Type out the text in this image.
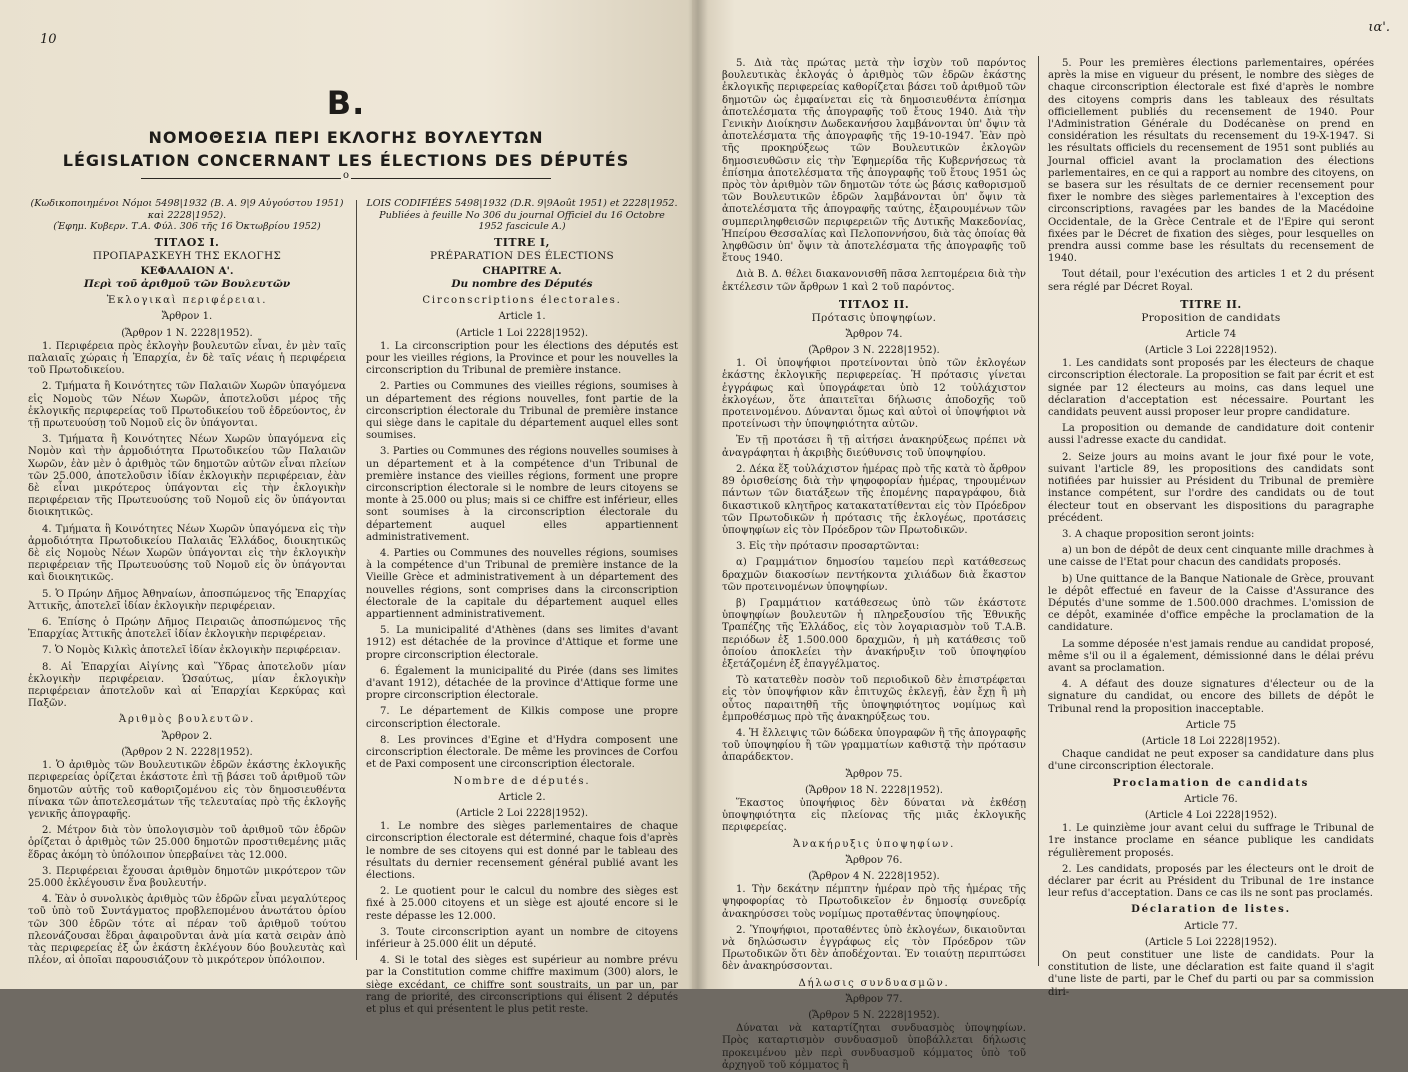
10
B.
ΝΟΜΟΘΕΣΙΑ ΠΕΡΙ ΕΚΛΟΓΗΣ ΒΟΥΛΕΥΤΩΝ
LÉGISLATION CONCERNANT LES ÉLECTIONS DES DÉPUTÉS
o
(Κωδικοποιημένοι Νόμοι 5498|1932 (Β. Α. 9|9 Αὐγούστου 1951) καὶ 2228|1952).
(Ἐφημ. Κυβερν. Τ.Α. Φύλ. 306 τῆς 16 Ὀκτωβρίου 1952)
ΤΙΤΛΟΣ Ι.
ΠΡΟΠΑΡΑΣΚΕΥΗ ΤΗΣ ΕΚΛΟΓΗΣ
ΚΕΦΑΛΑΙΟΝ Α'.
Περὶ τοῦ ἀριθμοῦ τῶν Βουλευτῶν
Ἐκλογικαὶ περιφέρειαι.
Ἄρθρον 1.
(Ἄρθρον 1 Ν. 2228|1952).

1. Περιφέρεια πρὸς ἐκλογὴν βουλευτῶν εἶναι, ἐν μὲν ταῖς παλαιαῖς χώραις ἡ Ἐπαρχία, ἐν δὲ ταῖς νέαις ἡ περιφέρεια τοῦ Πρωτοδικείου.

2. Τμήματα ἢ Κοινότητες τῶν Παλαιῶν Χωρῶν ὑπαγόμενα εἰς Νομοὺς τῶν Νέων Χωρῶν, ἀποτελοῦσι μέρος τῆς ἐκλογικῆς περιφερείας τοῦ Πρωτοδικείου τοῦ ἐδρεύοντος, ἐν τῇ πρωτευούσῃ τοῦ Νομοῦ εἰς ὃν ὑπάγονται.

3. Τμήματα ἢ Κοινότητες Νέων Χωρῶν ὑπαγόμενα εἰς Νομὸν καὶ τὴν ἁρμοδιότητα Πρωτοδικείου τῶν Παλαιῶν Χωρῶν, ἐὰν μὲν ὁ ἀριθμὸς τῶν δημοτῶν αὐτῶν εἶναι πλείων τῶν 25.000, ἀποτελοῦσιν ἰδίαν ἐκλογικὴν περιφέρειαν, ἐὰν δὲ εἶναι μικρότερος ὑπάγονται εἰς τὴν ἐκλογικὴν περιφέρειαν τῆς Πρωτευούσης τοῦ Νομοῦ εἰς ὃν ὑπάγονται διοικητικῶς.

4. Τμήματα ἢ Κοινότητες Νέων Χωρῶν ὑπαγόμενα εἰς τὴν ἁρμοδιότητα Πρωτοδικείου Παλαιᾶς Ἑλλάδος, διοικητικῶς δὲ εἰς Νομοὺς Νέων Χωρῶν ὑπάγονται εἰς τὴν ἐκλογικὴν περιφέρειαν τῆς Πρωτευούσης τοῦ Νομοῦ εἰς ὃν ὑπάγονται καὶ διοικητικῶς.

5. Ὁ Πρώην Δῆμος Ἀθηναίων, ἀποσπώμενος τῆς Ἐπαρχίας Ἀττικῆς, ἀποτελεῖ ἰδίαν ἐκλογικὴν περιφέρειαν.

6. Ἐπίσης ὁ Πρώην Δῆμος Πειραιῶς ἀποσπώμενος τῆς Ἐπαρχίας Ἀττικῆς ἀποτελεῖ ἰδίαν ἐκλογικὴν περιφέρειαν.

7. Ὁ Νομὸς Κιλκὶς ἀποτελεῖ ἰδίαν ἐκλογικὴν περιφέρειαν.

8. Αἱ Ἐπαρχίαι Αἰγίνης καὶ Ὕδρας ἀποτελοῦν μίαν ἐκλογικὴν περιφέρειαν. Ὡσαύτως, μίαν ἐκλογικὴν περιφέρειαν ἀποτελοῦν καὶ αἱ Ἐπαρχίαι Κερκύρας καὶ Παξῶν.

Ἀριθμὸς βουλευτῶν.
Ἄρθρον 2.
(Ἄρθρον 2 Ν. 2228|1952).

1. Ὁ ἀριθμὸς τῶν Βουλευτικῶν ἑδρῶν ἑκάστης ἐκλογικῆς περιφερείας ὁρίζεται ἑκάστοτε ἐπὶ τῇ βάσει τοῦ ἀριθμοῦ τῶν δημοτῶν αὐτῆς τοῦ καθοριζομένου εἰς τὸν δημοσιευθέντα πίνακα τῶν ἀποτελεσμάτων τῆς τελευταίας πρὸ τῆς ἐκλογῆς γενικῆς ἀπογραφῆς.

2. Μέτρον διὰ τὸν ὑπολογισμὸν τοῦ ἀριθμοῦ τῶν ἑδρῶν ὁρίζεται ὁ ἀριθμὸς τῶν 25.000 δημοτῶν προστιθεμένης μιᾶς ἕδρας ἀκόμη τὸ ὑπόλοιπον ὑπερβαίνει τὰς 12.000.

3. Περιφέρειαι ἔχουσαι ἀριθμὸν δημοτῶν μικρότερον τῶν 25.000 ἐκλέγουσιν ἕνα βουλευτήν.

4. Ἐὰν ὁ συνολικὸς ἀριθμὸς τῶν ἑδρῶν εἶναι μεγαλύτερος τοῦ ὑπὸ τοῦ Συντάγματος προβλεπομένου ἀνωτάτου ὁρίου τῶν 300 ἑδρῶν τότε αἱ πέραν τοῦ ἀριθμοῦ τούτου πλεονάζουσαι ἕδραι ἀφαιροῦνται ἀνὰ μία κατὰ σειρὰν ἀπὸ τὰς περιφερείας ἐξ ὧν ἑκάστη ἐκλέγουν δύο βουλευτὰς καὶ πλέον, αἱ ὁποῖαι παρουσιάζουν τὸ μικρότερον ὑπόλοιπον.

LOIS CODIFIÉES 5498|1932 (D.R. 9|9Août 1951) et 2228|1952. Publiées à feuille No 306 du journal Officiel du 16 Octobre 1952 fascicule A.)
TITRE I,
PRÉPARATION DES ÉLECTIONS
CHAPITRE A.
Du nombre des Députés
Circonscriptions électorales.
Article 1.
(Article 1 Loi 2228|1952).

1. La circonscription pour les élections des députés est pour les vieilles régions, la Province et pour les nouvelles la circonscription du Tribunal de première instance.

2. Parties ou Communes des vieilles régions, soumises à un département des régions nouvelles, font partie de la circonscription électorale du Tribunal de première instance qui siège dans le capitale du département auquel elles sont soumises.

3. Parties ou Communes des régions nouvelles soumises à un département et à la compétence d'un Tribunal de première instance des vieilles régions, forment une propre circonscription électorale si le nombre de leurs citoyens se monte à 25.000 ou plus; mais si ce chiffre est inférieur, elles sont soumises à la circonscription électorale du département auquel elles appartiennent administrativement.

4. Parties ou Communes des nouvelles régions, soumises à la compétence d'un Tribunal de première instance de la Vieille Grèce et administrativement à un département des nouvelles régions, sont comprises dans la circonscription électorale de la capitale du département auquel elles appartiennent administrativement.

5. La municipalité d'Athènes (dans ses limites d'avant 1912) est détachée de la province d'Attique et forme une propre circonscription électorale.

6. Également la municipalité du Pirée (dans ses limites d'avant 1912), détachée de la province d'Attique forme une propre circonscription électorale.

7. Le département de Kilkis compose une propre circonscription électorale.

8. Les provinces d'Egine et d'Hydra composent une circonscription électorale. De même les provinces de Corfou et de Paxi composent une circonscription électorale.

Nombre de députés.
Article 2.
(Article 2 Loi 2228|1952).

1. Le nombre des sièges parlementaires de chaque circonscription électorale est déterminé, chaque fois d'après le nombre de ses citoyens qui est donné par le tableau des résultats du dernier recensement général publié avant les élections.

2. Le quotient pour le calcul du nombre des sièges est fixé à 25.000 citoyens et un siège est ajouté encore si le reste dépasse les 12.000.

3. Toute circonscription ayant un nombre de citoyens inférieur à 25.000 élit un député.

4. Si le total des sièges est supérieur au nombre prévu par la Constitution comme chiffre maximum (300) alors, le siège excédant, ce chiffre sont soustraits, un par un, par rang de priorité, des circonscriptions qui élisent 2 députés et plus et qui présentent le plus petit reste.

ια'.

5. Διὰ τὰς πρώτας μετὰ τὴν ἰσχὺν τοῦ παρόντος βουλευτικὰς ἐκλογάς ὁ ἀριθμὸς τῶν ἑδρῶν ἑκάστης ἐκλογικῆς περιφερείας καθορίζεται βάσει τοῦ ἀριθμοῦ τῶν δημοτῶν ὡς ἐμφαίνεται εἰς τὰ δημοσιευθέντα ἐπίσημα ἀποτελέσματα τῆς ἀπογραφῆς τοῦ ἔτους 1940. Διὰ τὴν Γενικὴν Διοίκησιν Δωδεκανήσου λαμβάνονται ὑπ' ὄψιν τὰ ἀποτελέσματα τῆς ἀπογραφῆς τῆς 19-10-1947. Ἐὰν πρὸ τῆς προκηρύξεως τῶν Βουλευτικῶν ἐκλογῶν δημοσιευθῶσιν εἰς τὴν Ἐφημερίδα τῆς Κυβερνήσεως τὰ ἐπίσημα ἀποτελέσματα τῆς ἀπογραφῆς τοῦ ἔτους 1951 ὡς πρὸς τὸν ἀριθμὸν τῶν δημοτῶν τότε ὡς βάσις καθορισμοῦ τῶν Βουλευτικῶν ἑδρῶν λαμβάνονται ὑπ' ὄψιν τὰ ἀποτελέσματα τῆς ἀπογραφῆς ταύτης, ἐξαιρουμένων τῶν συμπεριληφθεισῶν περιφερειῶν τῆς Δυτικῆς Μακεδονίας, Ἠπείρου Θεσσαλίας καὶ Πελοποννήσου, διὰ τὰς ὁποίας θὰ ληφθῶσιν ὑπ' ὄψιν τὰ ἀποτελέσματα τῆς ἀπογραφῆς τοῦ ἔτους 1940.

Διὰ Β. Δ. θέλει διακανονισθῆ πᾶσα λεπτομέρεια διὰ τὴν ἐκτέλεσιν τῶν ἄρθρων 1 καὶ 2 τοῦ παρόντος.

ΤΙΤΛΟΣ ΙΙ.
Πρότασις ὑποψηφίων.
Ἄρθρον 74.
(Ἄρθρον 3 Ν. 2228|1952).

1. Οἱ ὑποψήφιοι προτείνονται ὑπὸ τῶν ἐκλογέων ἑκάστης ἐκλογικῆς περιφερείας. Ἡ πρότασις γίνεται ἐγγράφως καὶ ὑπογράφεται ὑπὸ 12 τοὐλάχιστον ἐκλογέων, ὅτε ἀπαιτεῖται δήλωσις ἀποδοχῆς τοῦ προτεινομένου. Δύνανται ὅμως καὶ αὐτοὶ οἱ ὑποψήφιοι νὰ προτείνωσι τὴν ὑποψηφιότητα αὐτῶν.

Ἐν τῇ προτάσει ἢ τῇ αἰτήσει ἀνακηρύξεως πρέπει νὰ ἀναγράφηται ἡ ἀκριβὴς διεύθυνσις τοῦ ὑποψηφίου.

2. Δέκα ἕξ τοὐλάχιστον ἡμέρας πρὸ τῆς κατὰ τὸ ἄρθρον 89 ὁρισθείσης διὰ τὴν ψηφοφορίαν ἡμέρας, τηρουμένων πάντων τῶν διατάξεων τῆς ἐπομένης παραγράφου, διὰ δικαστικοῦ κλητῆρος κατακατατίθενται εἰς τὸν Πρόεδρον τῶν Πρωτοδικῶν ἡ πρότασις τῆς ἐκλογέως, προτάσεις ὑποψηφίων εἰς τὸν Πρόεδρον τῶν Πρωτοδικῶν.

3. Εἰς τὴν πρότασιν προσαρτῶνται:

α) Γραμμάτιον δημοσίου ταμείου περὶ κατάθεσεως δραχμῶν διακοσίων πεντήκοντα χιλιάδων διὰ ἕκαστον τῶν προτεινομένων ὑποψηφίων.

β) Γραμμάτιον κατάθεσεως ὑπὸ τῶν ἑκάστοτε ὑποψηφίων βουλευτῶν ἡ πληρεξουσίου τῆς Ἐθνικῆς Τραπέζης τῆς Ἑλλάδος, εἰς τὸν λογαριασμὸν τοῦ Τ.Α.Β. περιόδων ἐξ 1.500.000 δραχμῶν, ἡ μὴ κατάθεσις τοῦ ὁποίου ἀποκλείει τὴν ἀνακήρυξιν τοῦ ὑποψηφίου ἐξετάζομένη ἐξ ἐπαγγέλματος.

Τὸ κατατεθὲν ποσὸν τοῦ περιοδικοῦ δὲν ἐπιστρέφεται εἰς τὸν ὑποψήφιον κἂν ἐπιτυχῶς ἐκλεγῇ, ἐὰν ἔχῃ ἢ μὴ οὗτος παραιτηθῆ τῆς ὑποψηφιότητος νομίμως καὶ ἐμπροθέσμως πρὸ τῆς ἀνακηρύξεως του.

4. Ἡ ἔλλειψις τῶν δώδεκα ὑπογραφῶν ἢ τῆς ἀπογραφῆς τοῦ ὑποψηφίου ἢ τῶν γραμματίων καθιστᾷ τὴν πρότασιν ἀπαράδεκτον.

Ἄρθρον 75.
(Ἄρθρον 18 Ν. 2228|1952).

Ἕκαστος ὑποψήφιος δὲν δύναται νὰ ἐκθέσῃ ὑποψηφιότητα εἰς πλείονας τῆς μιᾶς ἐκλογικῆς περιφερείας.

Ἀνακήρυξις ὑποψηφίων.
Ἄρθρον 76.
(Ἄρθρον 4 Ν. 2228|1952).

1. Τὴν δεκάτην πέμπτην ἡμέραν πρὸ τῆς ἡμέρας τῆς ψηφοφορίας τὸ Πρωτοδικεῖον ἐν δημοσίᾳ συνεδρίᾳ ἀνακηρύσσει τοὺς νομίμως προταθέντας ὑποψηφίους.

2. Ὑποψήφιοι, προταθέντες ὑπὸ ἐκλογέων, δικαιοῦνται νὰ δηλώσωσιν ἐγγράφως εἰς τὸν Πρόεδρον τῶν Πρωτοδικῶν ὅτι δὲν ἀποδέχονται. Ἐν τοιαύτῃ περιπτώσει δὲν ἀνακηρύσσονται.

Δήλωσις συνδυασμῶν.
Ἄρθρον 77.
(Ἄρθρον 5 Ν. 2228|1952).

Δύναται νὰ καταρτίζηται συνδυασμὸς ὑποψηφίων. Πρὸς καταρτισμὸν συνδυασμοῦ ὑποβάλλεται δήλωσις προκειμένου μὲν περὶ συνδυασμοῦ κόμματος ὑπὸ τοῦ ἀρχηγοῦ τοῦ κόμματος ἢ

5. Pour les premières élections parlementaires, opérées après la mise en vigueur du présent, le nombre des sièges de chaque circonscription électorale est fixé d'après le nombre des citoyens compris dans les tableaux des résultats officiellement publiés du recensement de 1940. Pour l'Administration Générale du Dodécanèse on prend en considération les résultats du recensement du 19-X-1947. Si les résultats officiels du recensement de 1951 sont publiés au Journal officiel avant la proclamation des élections parlementaires, en ce qui a rapport au nombre des citoyens, on se basera sur les résultats de ce dernier recensement pour fixer le nombre des sièges parlementaires à l'exception des circonscriptions, ravagées par les bandes de la Macédoine Occidentale, de la Grèce Centrale et de l'Epire qui seront fixées par le Décret de fixation des sièges, pour lesquelles on prendra aussi comme base les résultats du recensement de 1940.

Tout détail, pour l'exécution des articles 1 et 2 du présent sera réglé par Décret Royal.

TITRE II.
Proposition de candidats
Article 74
(Article 3 Loi 2228|1952).

1. Les candidats sont proposés par les électeurs de chaque circonscription électorale. La proposition se fait par écrit et est signée par 12 électeurs au moins, cas dans lequel une déclaration d'acceptation est nécessaire. Pourtant les candidats peuvent aussi proposer leur propre candidature.

La proposition ou demande de candidature doit contenir aussi l'adresse exacte du candidat.

2. Seize jours au moins avant le jour fixé pour le vote, suivant l'article 89, les propositions des candidats sont notifiées par huissier au Président du Tribunal de première instance compétent, sur l'ordre des candidats ou de tout électeur tout en observant les dispositions du paragraphe précédent.

3. A chaque proposition seront joints:

a) un bon de dépôt de deux cent cinquante mille drachmes à une caisse de l'Etat pour chacun des candidats proposés.

b) Une quittance de la Banque Nationale de Grèce, prouvant le dépôt effectué en faveur de la Caisse d'Assurance des Députés d'une somme de 1.500.000 drachmes. L'omission de ce dépôt, examinée d'office empêche la proclamation de la candidature.

La somme déposée n'est jamais rendue au candidat proposé, même s'il ou il a également, démissionné dans le délai prévu avant sa proclamation.

4. A défaut des douze signatures d'électeur ou de la signature du candidat, ou encore des billets de dépôt le Tribunal rend la proposition inacceptable.

Article 75
(Article 18 Loi 2228|1952).

Chaque candidat ne peut exposer sa candidature dans plus d'une circonscription électorale.

Proclamation de candidats
Article 76.
(Article 4 Loi 2228|1952).

1. Le quinzième jour avant celui du suffrage le Tribunal de 1re instance proclame en séance publique les candidats régulièrement proposés.

2. Les candidats, proposés par les électeurs ont le droit de déclarer par écrit au Président du Tribunal de 1re instance leur refus d'acceptation. Dans ce cas ils ne sont pas proclamés.

Déclaration de listes.
Article 77.
(Article 5 Loi 2228|1952).

On peut constituer une liste de candidats. Pour la constitution de liste, une déclaration est faite quand il s'agit d'une liste de parti, par le Chef du parti ou par sa commission diri-
